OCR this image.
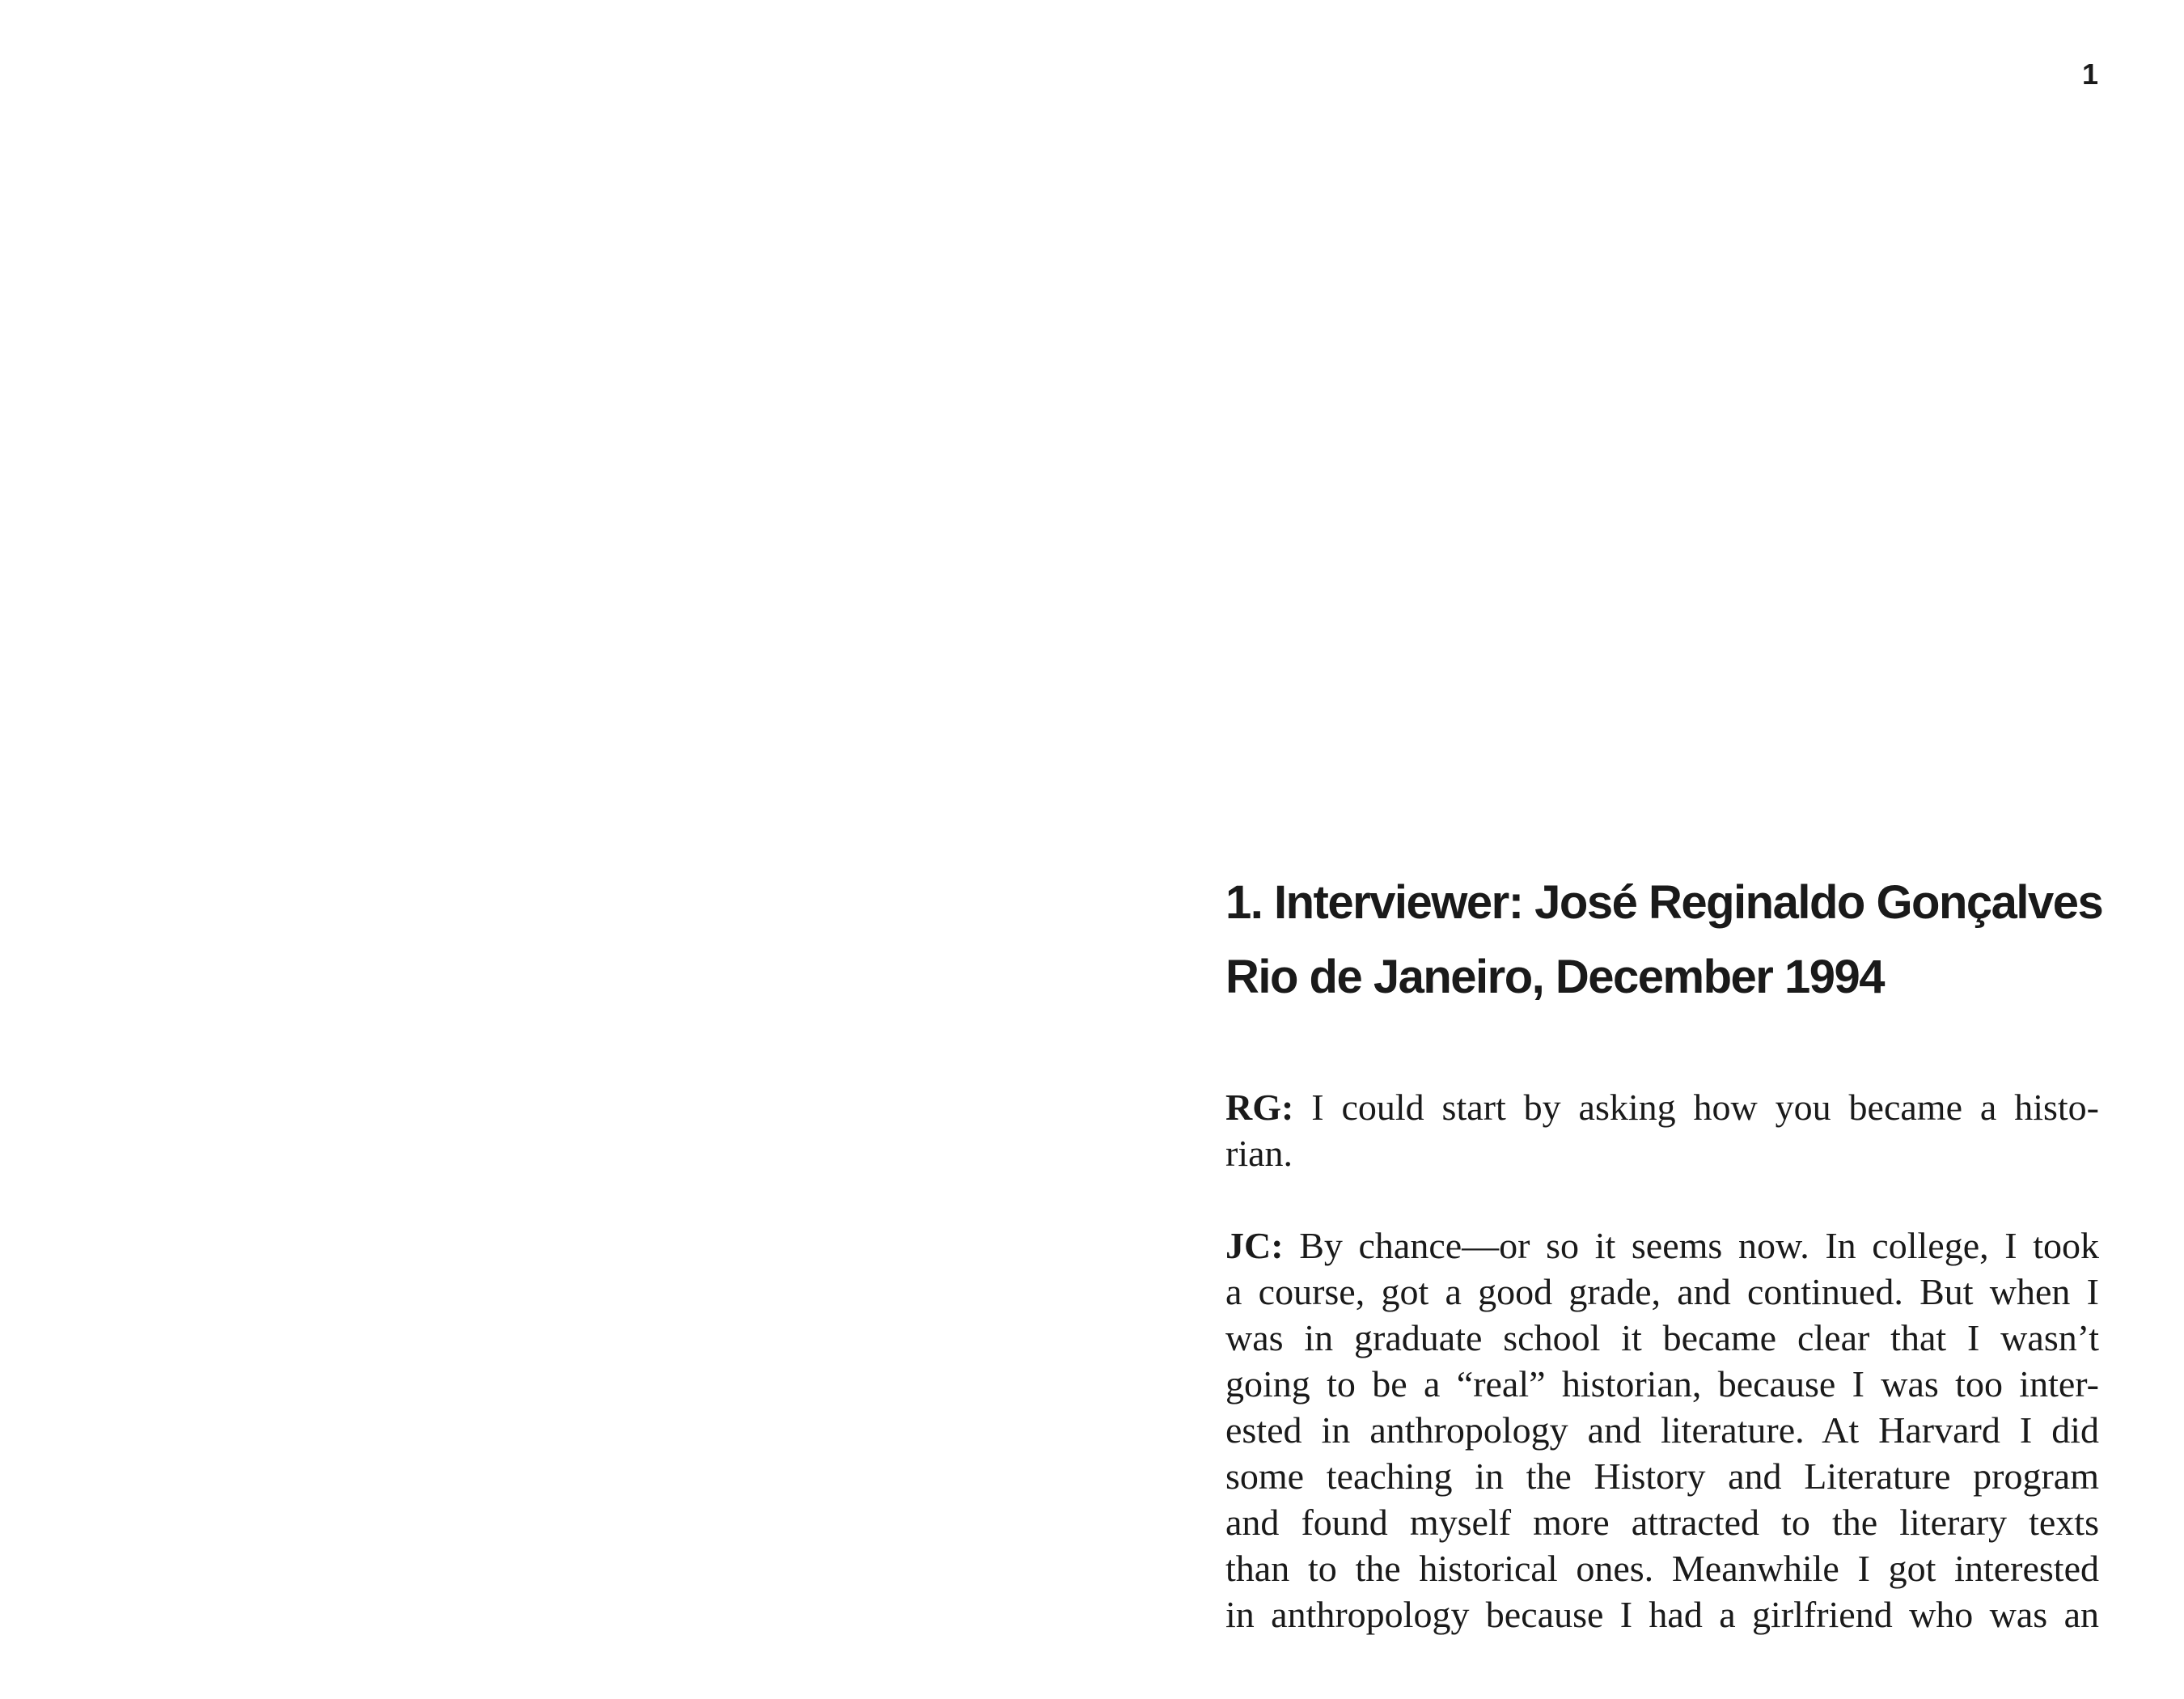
1
1. Interviewer: José Reginaldo Gonçalves
Rio de Janeiro, December 1994
RG: I could start by asking how you became a histo-
rian.
JC: By chance—or so it seems now. In college, I took
a course, got a good grade, and continued. But when I
was in graduate school it became clear that I wasn’t
going to be a “real” historian, because I was too inter-
ested in anthropology and literature. At Harvard I did
some teaching in the History and Literature program
and found myself more attracted to the literary texts
than to the historical ones. Meanwhile I got interested
in anthropology because I had a girlfriend who was an
